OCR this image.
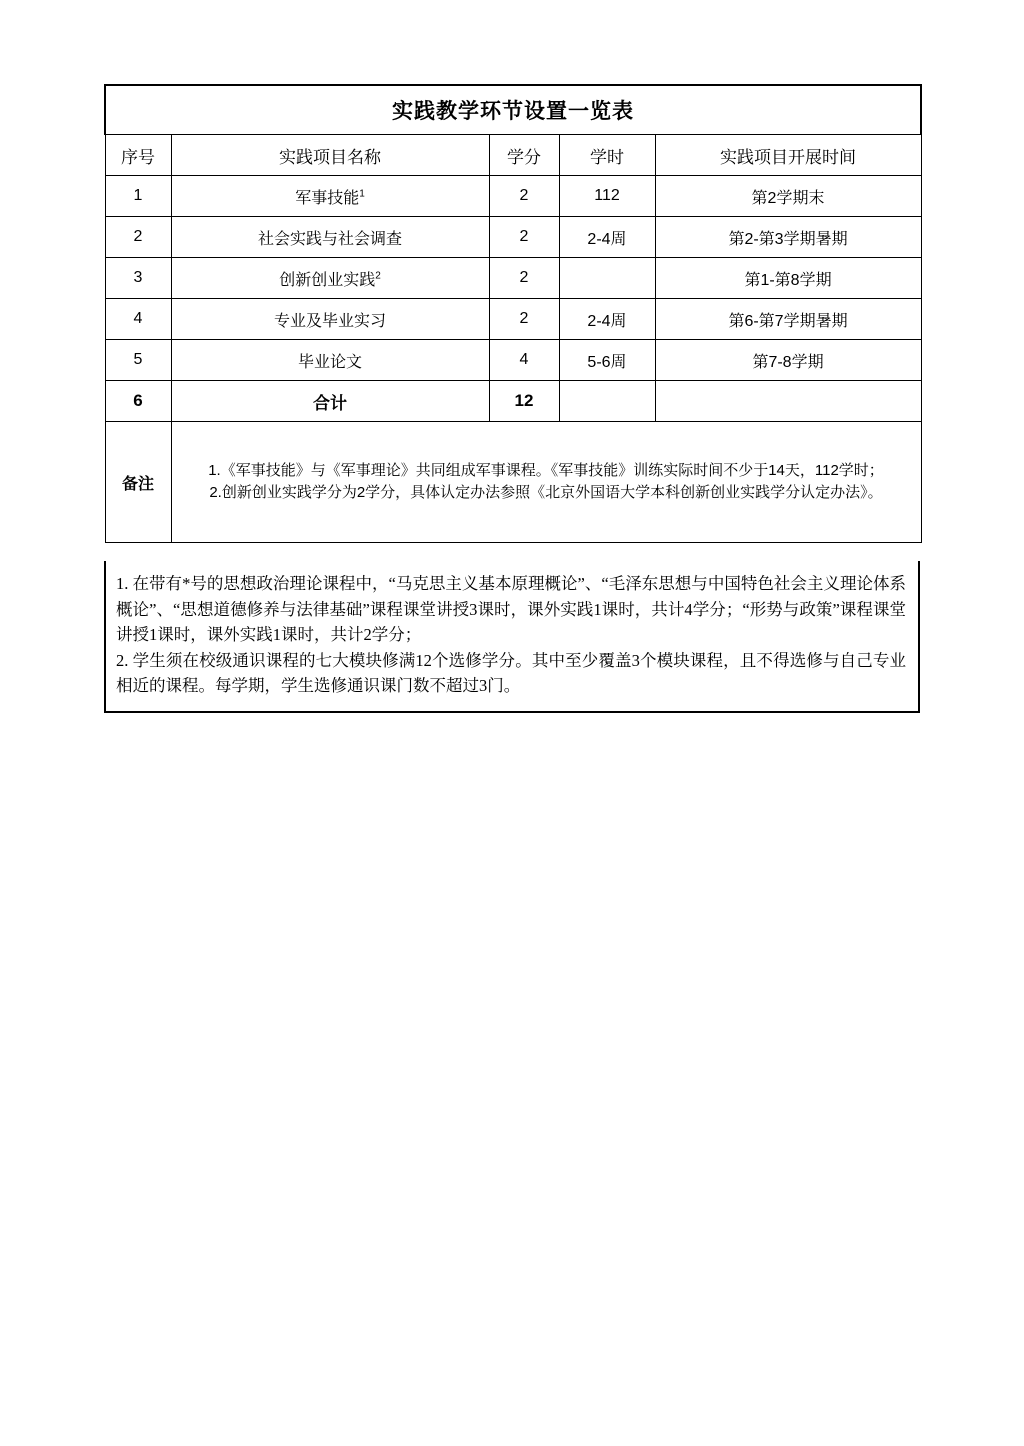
实践教学环节设置一览表				
序号	实践项目名称	学分	学时	实践项目开展时间
1	军事技能$^1$	2	112	第2学期末
2	社会实践与社会调查	2	2-4周	第2-第3学期暑期
3	创新创业实践$^2$	2		第1-第8学期
4	专业及毕业实习	2	2-4周	第6-第7学期暑期
5	毕业论文	4	5-6周	第7-8学期
6	合计	12		
备注	1.《军事技能》与《军事理论》共同组成军事课程。《军事技能》训练实际时间不少于14天，112学时；
2.创新创业实践学分为2学分，具体认定办法参照《北京外国语大学本科创新创业实践学分认定办法》。			

1. 在带有*号的思想政治理论课程中，“马克思主义基本原理概论”、“毛泽东思想与中国特色社会主义理论体系概论”、“思想道德修养与法律基础”课程课堂讲授3课时，课外实践1课时，共计4学分；“形势与政策”课程课堂讲授1课时，课外实践1课时，共计2学分；

2. 学生须在校级通识课程的七大模块修满12个选修学分。其中至少覆盖3个模块课程，且不得选修与自己专业相近的课程。每学期，学生选修通识课门数不超过3门。
